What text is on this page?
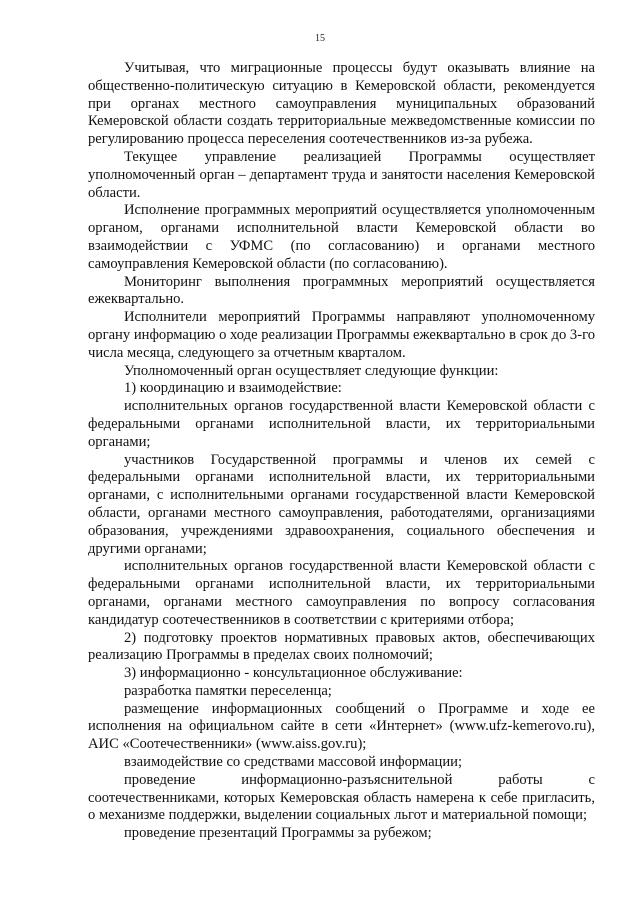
15

Учитывая, что миграционные процессы будут оказывать влияние на общественно-политическую ситуацию в Кемеровской области, рекомендуется при органах местного самоуправления муниципальных образований Кемеровской области создать территориальные межведомственные комиссии по регулированию процесса переселения соотечественников из-за рубежа.

Текущее управление реализацией Программы осуществляет уполномоченный орган – департамент труда и занятости населения Кемеровской области.

Исполнение программных мероприятий осуществляется уполномоченным органом, органами исполнительной власти Кемеровской области во взаимодействии с УФМС (по согласованию) и органами местного самоуправления Кемеровской области (по согласованию).

Мониторинг выполнения программных мероприятий осуществляется ежеквартально.

Исполнители мероприятий Программы направляют уполномоченному органу информацию о ходе реализации Программы ежеквартально в срок до 3-го числа месяца, следующего за отчетным кварталом.

Уполномоченный орган осуществляет следующие функции:

1) координацию и взаимодействие:

исполнительных органов государственной власти Кемеровской области с федеральными органами исполнительной власти, их территориальными органами;

участников Государственной программы и членов их семей с федеральными органами исполнительной власти, их территориальными органами, с исполнительными органами государственной власти Кемеровской области, органами местного самоуправления, работодателями, организациями образования, учреждениями здравоохранения, социального обеспечения и другими органами;

исполнительных органов государственной власти Кемеровской области с федеральными органами исполнительной власти, их территориальными органами, органами местного самоуправления по вопросу согласования кандидатур соотечественников в соответствии с критериями отбора;

2) подготовку проектов нормативных правовых актов, обеспечивающих реализацию Программы в пределах своих полномочий;

3) информационно - консультационное обслуживание:

разработка памятки переселенца;

размещение информационных сообщений о Программе и ходе ее исполнения на официальном сайте в сети «Интернет» (www.ufz-kemerovo.ru), АИС «Соотечественники» (www.aiss.gov.ru);

взаимодействие со средствами массовой информации;

проведение информационно-разъяснительной работы с соотечественниками, которых Кемеровская область намерена к себе пригласить, о механизме поддержки, выделении социальных льгот и материальной помощи;

проведение презентаций Программы за рубежом;
